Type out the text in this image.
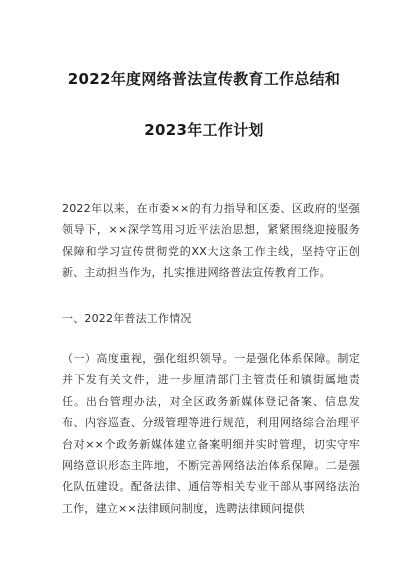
2022年度网络普法宣传教育工作总结和
2023年工作计划

2022年以来，在市委××的有力指导和区委、区政府的坚强领导下，××深学笃用习近平法治思想，紧紧围绕迎接服务保障和学习宣传贯彻党的XX大这条工作主线，坚持守正创新、主动担当作为，扎实推进网络普法宣传教育工作。

一、2022年普法工作情况

（一）高度重视，强化组织领导。一是强化体系保障。制定并下发有关文件，进一步厘清部门主管责任和镇街属地责任。出台管理办法，对全区政务新媒体登记备案、信息发布、内容巡查、分级管理等进行规范，利用网络综合治理平台对××个政务新媒体建立备案明细并实时管理，切实守牢网络意识形态主阵地，不断完善网络法治体系保障。二是强化队伍建设。配备法律、通信等相关专业干部从事网络法治工作，建立××法律顾问制度，选聘法律顾问提供
